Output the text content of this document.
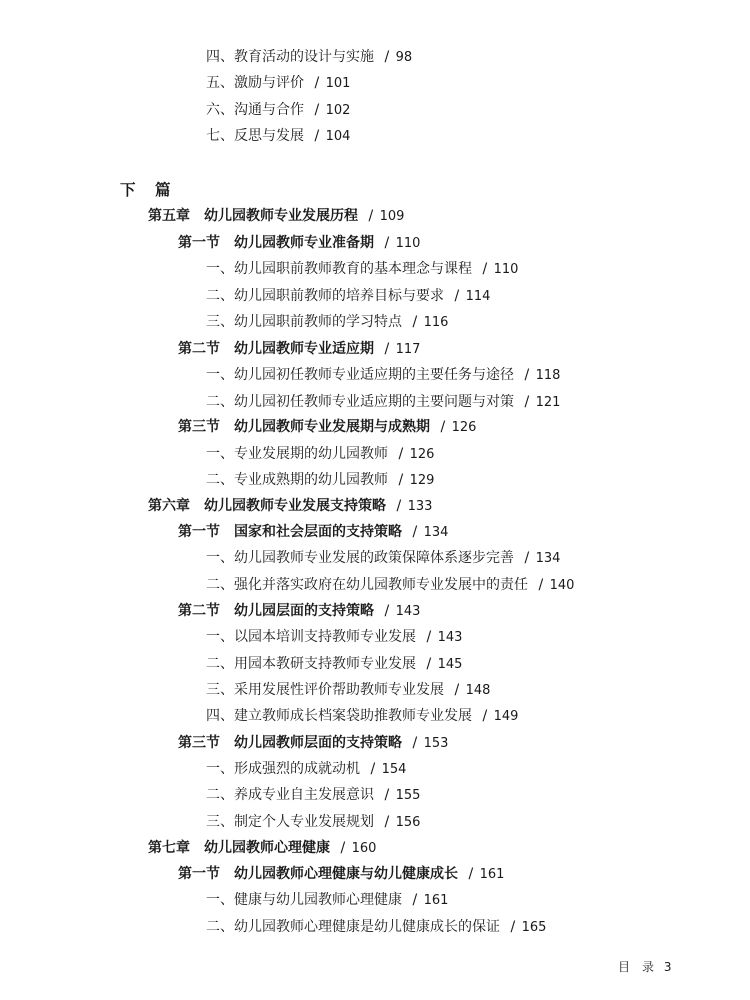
四、教育活动的设计与实施 / 98
五、激励与评价 / 101
六、沟通与合作 / 102
七、反思与发展 / 104
下　篇
第五章　幼儿园教师专业发展历程 / 109
第一节　幼儿园教师专业准备期 / 110
一、幼儿园职前教师教育的基本理念与课程 / 110
二、幼儿园职前教师的培养目标与要求 / 114
三、幼儿园职前教师的学习特点 / 116
第二节　幼儿园教师专业适应期 / 117
一、幼儿园初任教师专业适应期的主要任务与途径 / 118
二、幼儿园初任教师专业适应期的主要问题与对策 / 121
第三节　幼儿园教师专业发展期与成熟期 / 126
一、专业发展期的幼儿园教师 / 126
二、专业成熟期的幼儿园教师 / 129
第六章　幼儿园教师专业发展支持策略 / 133
第一节　国家和社会层面的支持策略 / 134
一、幼儿园教师专业发展的政策保障体系逐步完善 / 134
二、强化并落实政府在幼儿园教师专业发展中的责任 / 140
第二节　幼儿园层面的支持策略 / 143
一、以园本培训支持教师专业发展 / 143
二、用园本教研支持教师专业发展 / 145
三、采用发展性评价帮助教师专业发展 / 148
四、建立教师成长档案袋助推教师专业发展 / 149
第三节　幼儿园教师层面的支持策略 / 153
一、形成强烈的成就动机 / 154
二、养成专业自主发展意识 / 155
三、制定个人专业发展规划 / 156
第七章　幼儿园教师心理健康 / 160
第一节　幼儿园教师心理健康与幼儿健康成长 / 161
一、健康与幼儿园教师心理健康 / 161
二、幼儿园教师心理健康是幼儿健康成长的保证 / 165
目　录 3
